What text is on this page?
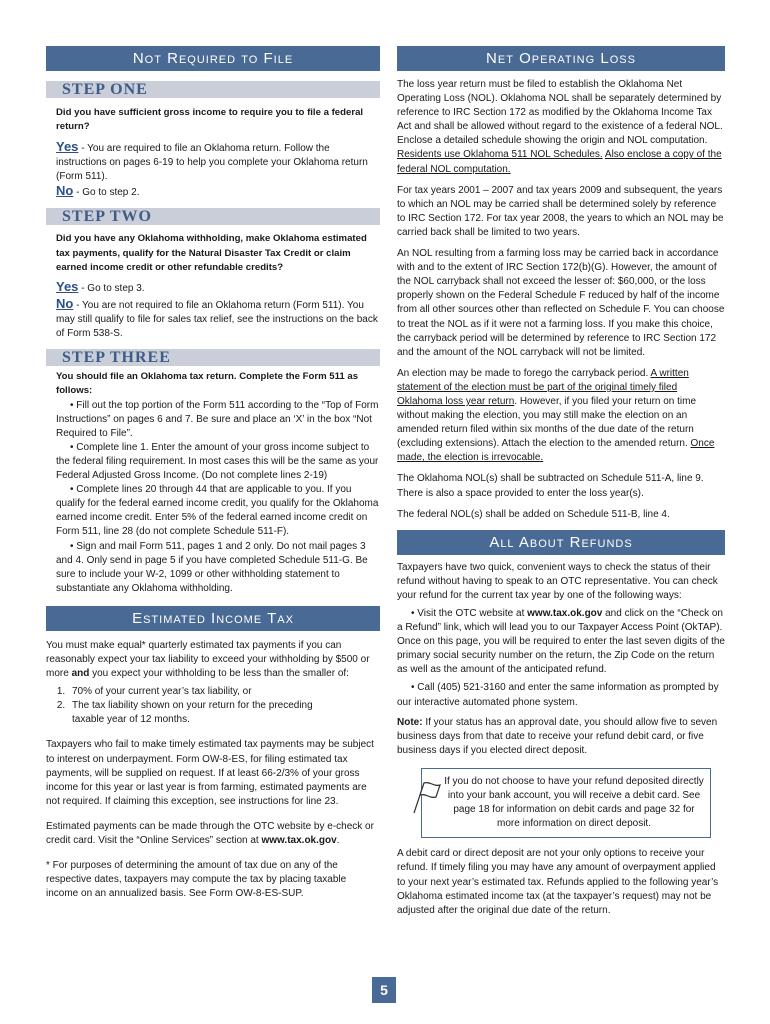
Not Required to File
STEP ONE

Did you have sufficient gross income to require you to file a federal return?

Yes - You are required to file an Oklahoma return. Follow the instructions on pages 6-19 to help you complete your Oklahoma return (Form 511).

No - Go to step 2.

STEP TWO

Did you have any Oklahoma withholding, make Oklahoma estimated tax payments, qualify for the Natural Disaster Tax Credit or claim earned income credit or other refundable credits?

Yes - Go to step 3.

No - You are not required to file an Oklahoma return (Form 511). You may still qualify to file for sales tax relief, see the instructions on the back of Form 538-S.

STEP THREE

You should file an Oklahoma tax return. Complete the Form 511 as follows:

• Fill out the top portion of the Form 511 according to the “Top of Form Instructions” on pages 6 and 7. Be sure and place an ‘X’ in the box “Not Required to File”.

• Complete line 1. Enter the amount of your gross income subject to the federal filing requirement. In most cases this will be the same as your Federal Adjusted Gross Income. (Do not complete lines 2-19)

• Complete lines 20 through 44 that are applicable to you. If you qualify for the federal earned income credit, you qualify for the Oklahoma earned income credit. Enter 5% of the federal earned income credit on Form 511, line 28 (do not complete Schedule 511-F).

• Sign and mail Form 511, pages 1 and 2 only. Do not mail pages 3 and 4. Only send in page 5 if you have completed Schedule 511-G. Be sure to include your W-2, 1099 or other withholding statement to substantiate any Oklahoma withholding.

Estimated Income Tax

You must make equal* quarterly estimated tax payments if you can reasonably expect your tax liability to exceed your withholding by $500 or more and you expect your withholding to be less than the smaller of:

1. 70% of your current year’s tax liability, or
2. The tax liability shown on your return for the preceding taxable year of 12 months.

Taxpayers who fail to make timely estimated tax payments may be subject to interest on underpayment. Form OW-8-ES, for filing estimated tax payments, will be supplied on request. If at least 66-2/3% of your gross income for this year or last year is from farming, estimated payments are not required. If claiming this exception, see instructions for line 23.

Estimated payments can be made through the OTC website by e-check or credit card. Visit the “Online Services” section at www.tax.ok.gov.

* For purposes of determining the amount of tax due on any of the respective dates, taxpayers may compute the tax by placing taxable income on an annualized basis. See Form OW-8-ES-SUP.

Net Operating Loss

The loss year return must be filed to establish the Oklahoma Net Operating Loss (NOL). Oklahoma NOL shall be separately determined by reference to IRC Section 172 as modified by the Oklahoma Income Tax Act and shall be allowed without regard to the existence of a federal NOL. Enclose a detailed schedule showing the origin and NOL computation. Residents use Oklahoma 511 NOL Schedules. Also enclose a copy of the federal NOL computation.

For tax years 2001 – 2007 and tax years 2009 and subsequent, the years to which an NOL may be carried shall be determined solely by reference to IRC Section 172. For tax year 2008, the years to which an NOL may be carried back shall be limited to two years.

An NOL resulting from a farming loss may be carried back in accordance with and to the extent of IRC Section 172(b)(G). However, the amount of the NOL carryback shall not exceed the lesser of: $60,000, or the loss properly shown on the Federal Schedule F reduced by half of the income from all other sources other than reflected on Schedule F. You can choose to treat the NOL as if it were not a farming loss. If you make this choice, the carryback period will be determined by reference to IRC Section 172 and the amount of the NOL carryback will not be limited.

An election may be made to forego the carryback period. A written statement of the election must be part of the original timely filed Oklahoma loss year return. However, if you filed your return on time without making the election, you may still make the election on an amended return filed within six months of the due date of the return (excluding extensions). Attach the election to the amended return. Once made, the election is irrevocable.

The Oklahoma NOL(s) shall be subtracted on Schedule 511-A, line 9. There is also a space provided to enter the loss year(s).

The federal NOL(s) shall be added on Schedule 511-B, line 4.

All About Refunds

Taxpayers have two quick, convenient ways to check the status of their refund without having to speak to an OTC representative. You can check your refund for the current tax year by one of the following ways:

• Visit the OTC website at www.tax.ok.gov and click on the “Check on a Refund” link, which will lead you to our Taxpayer Access Point (OkTAP). Once on this page, you will be required to enter the last seven digits of the primary social security number on the return, the Zip Code on the return as well as the amount of the anticipated refund.

• Call (405) 521-3160 and enter the same information as prompted by our interactive automated phone system.

Note: If your status has an approval date, you should allow five to seven business days from that date to receive your refund debit card, or five business days if you elected direct deposit.

If you do not choose to have your refund deposited directly into your bank account, you will receive a debit card. See page 18 for information on debit cards and page 32 for more information on direct deposit.

A debit card or direct deposit are not your only options to receive your refund. If timely filing you may have any amount of overpayment applied to your next year’s estimated tax. Refunds applied to the following year’s Oklahoma estimated income tax (at the taxpayer’s request) may not be adjusted after the original due date of the return.

5
